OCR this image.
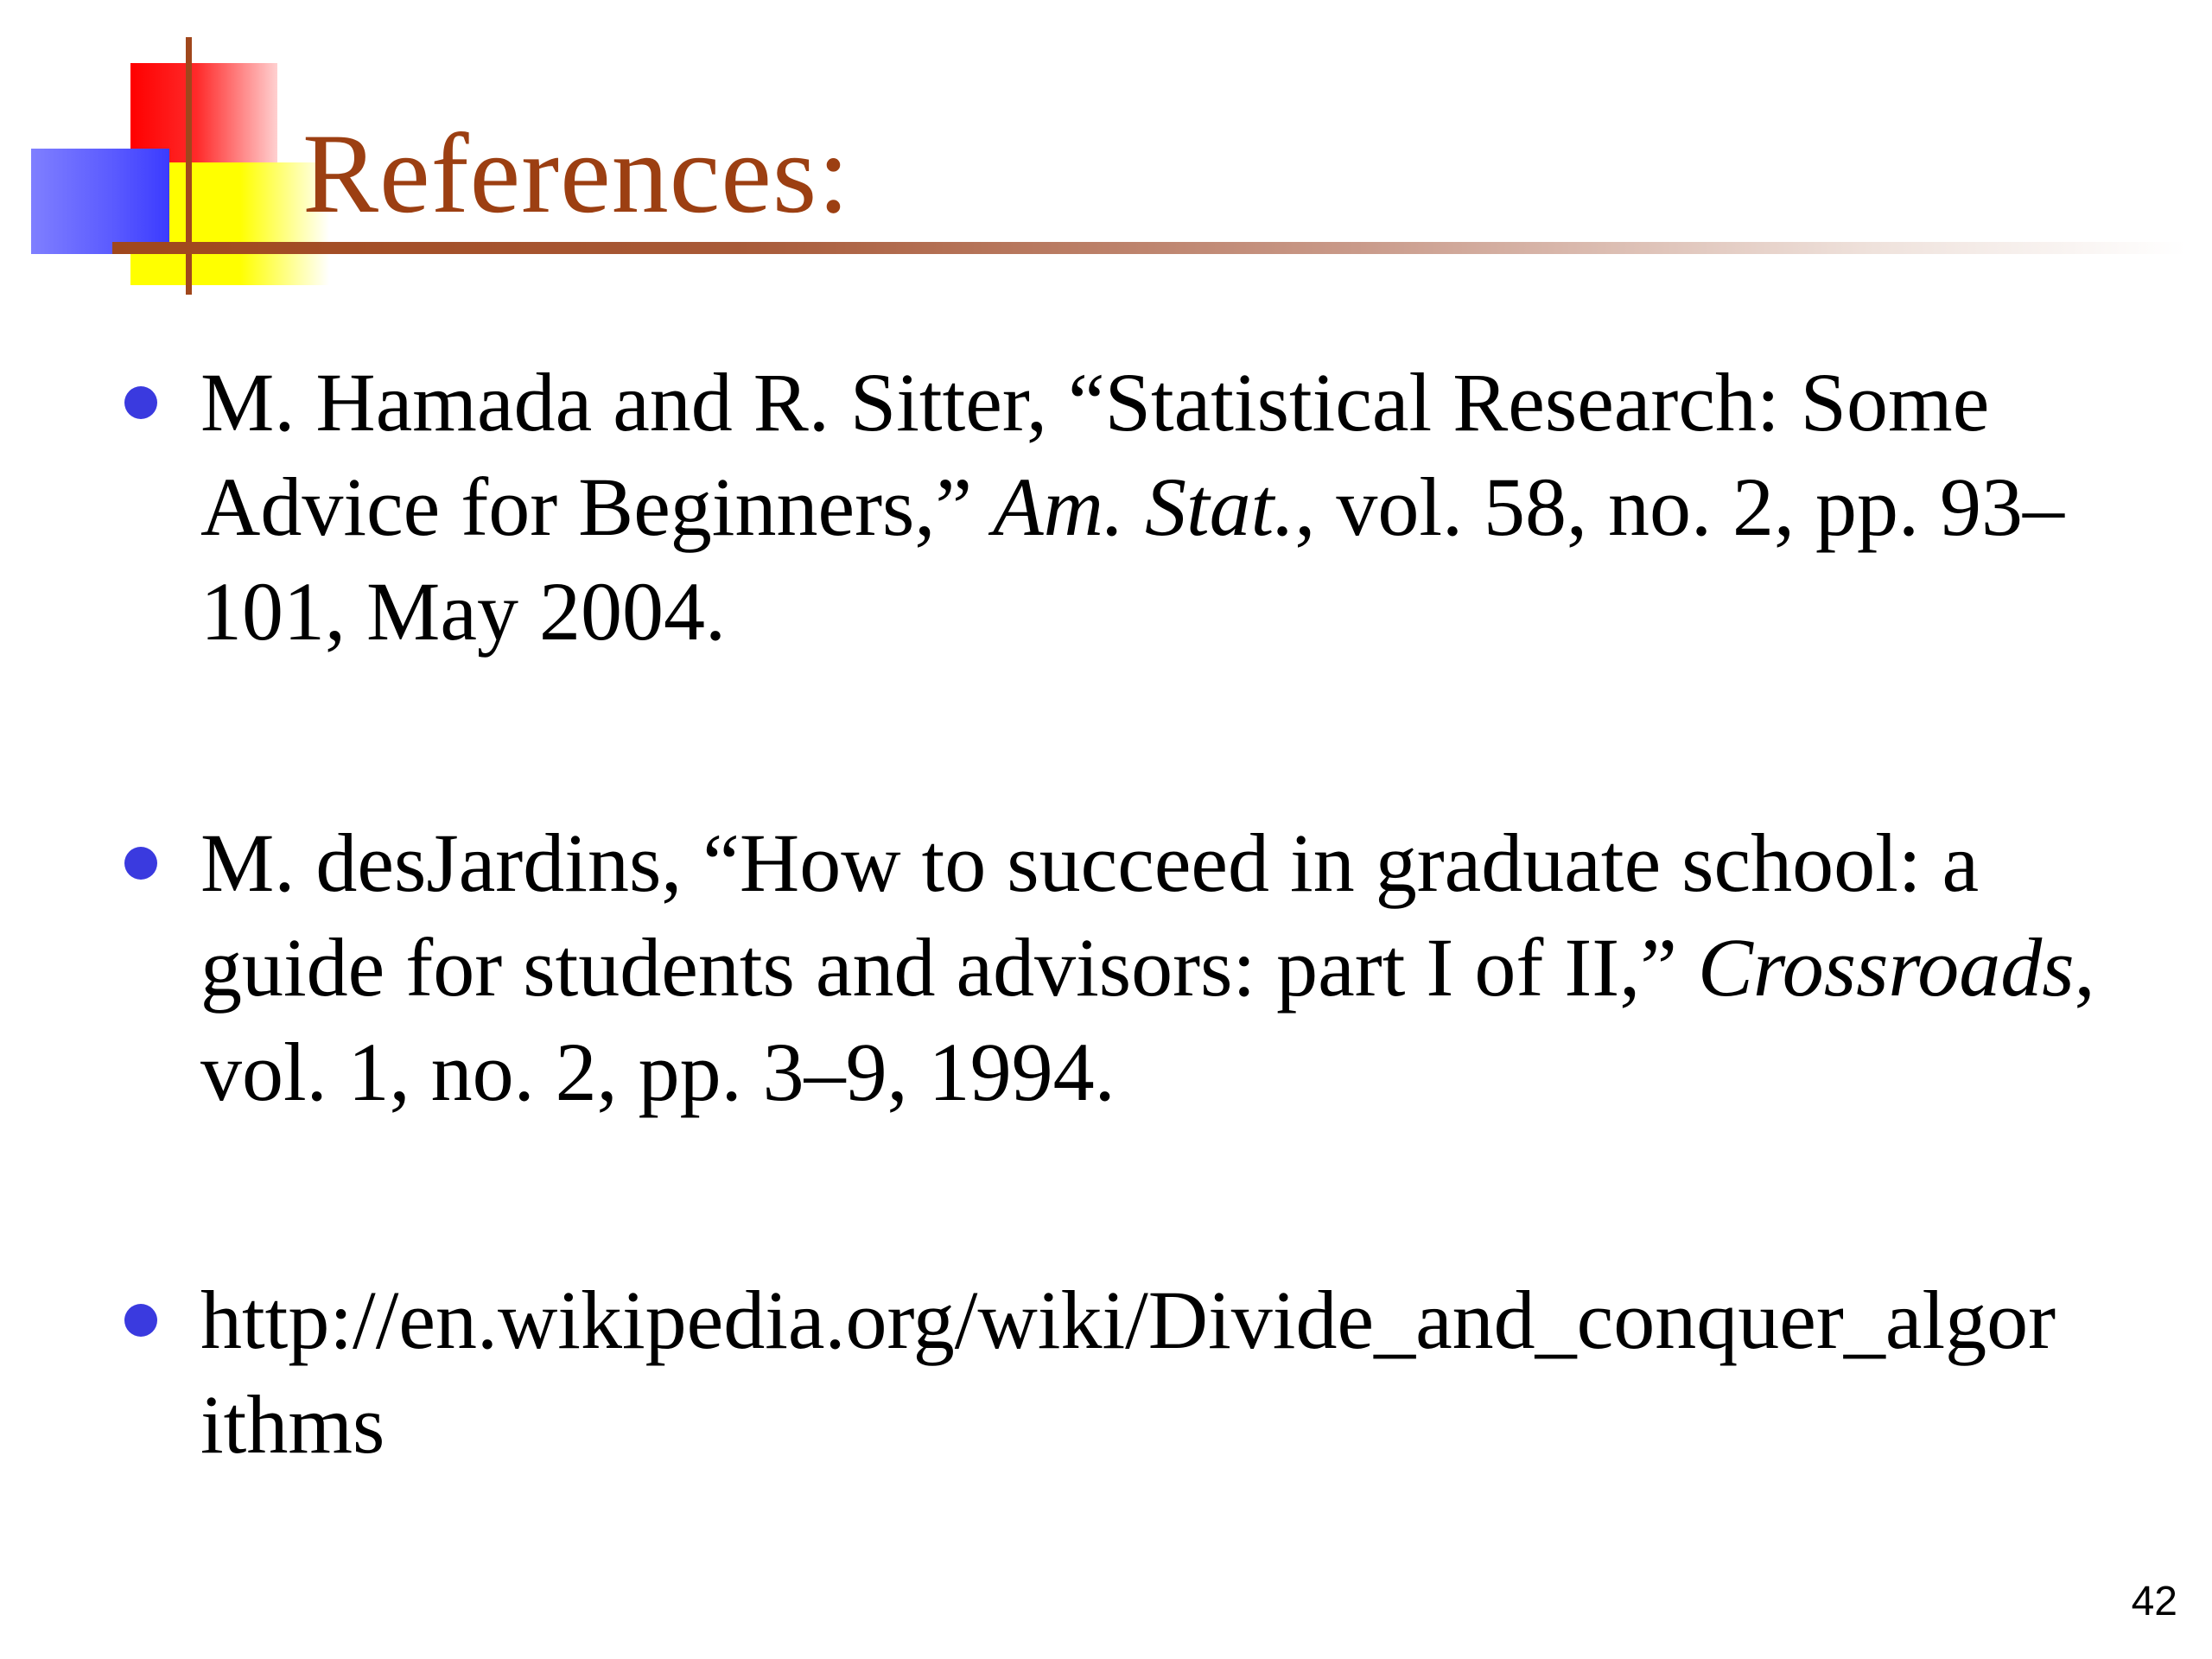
References:

M. Hamada and R. Sitter, “Statistical Research: Some Advice for Beginners,” Am. Stat., vol. 58, no. 2, pp. 93–101, May 2004.

M. desJardins, “How to succeed in graduate school: a guide for students and advisors: part I of II,” Crossroads, vol. 1, no. 2, pp. 3–9, 1994.

http://en.wikipedia.org/wiki/Divide_and_conquer_algor
ithms

42
